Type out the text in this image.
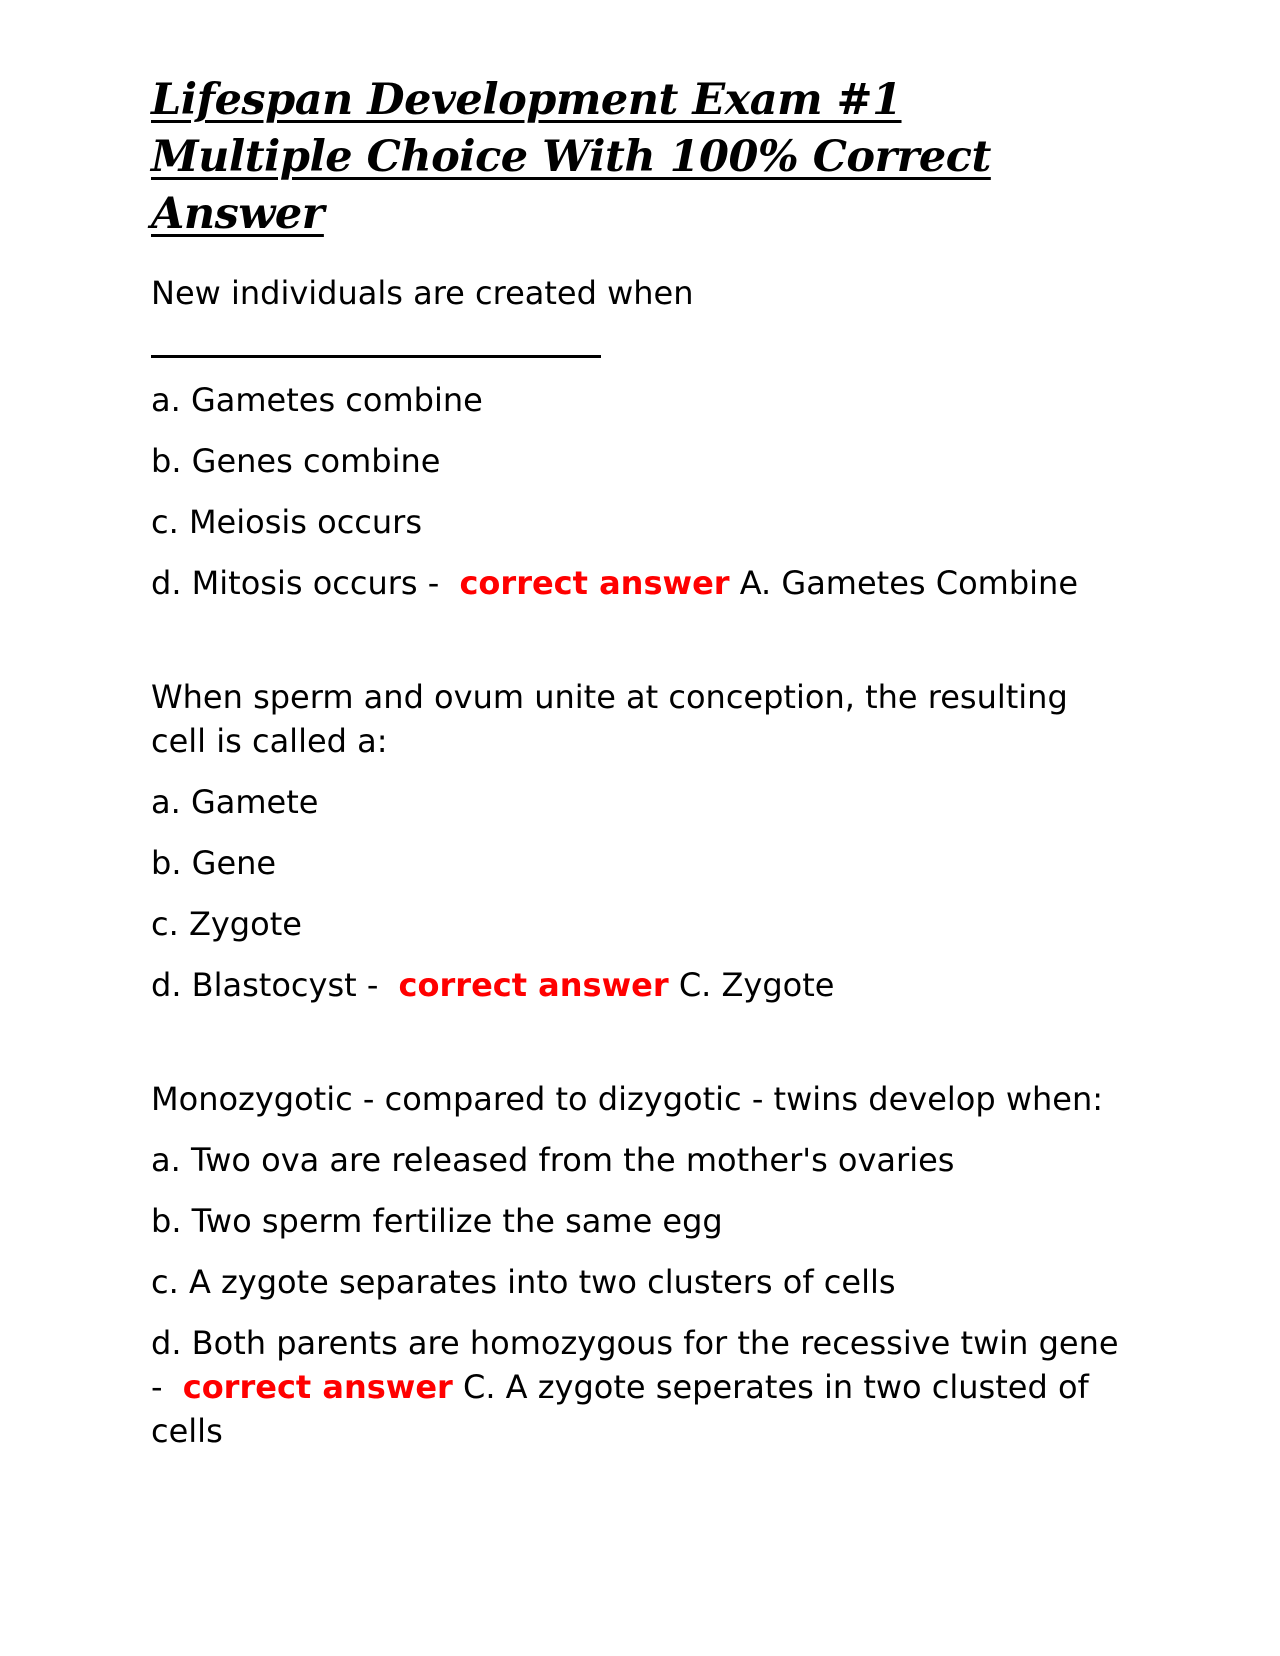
Lifespan Development Exam #1 Multiple Choice With 100% Correct Answer

New individuals are created when

a. Gametes combine

b. Genes combine

c. Meiosis occurs

d. Mitosis occurs - correct answer A. Gametes Combine

When sperm and ovum unite at conception, the resulting cell is called a:

a. Gamete

b. Gene

c. Zygote

d. Blastocyst - correct answer C. Zygote

Monozygotic - compared to dizygotic - twins develop when:

a. Two ova are released from the mother's ovaries

b. Two sperm fertilize the same egg

c. A zygote separates into two clusters of cells

d. Both parents are homozygous for the recessive twin gene - correct answer C. A zygote seperates in two clusted of cells
